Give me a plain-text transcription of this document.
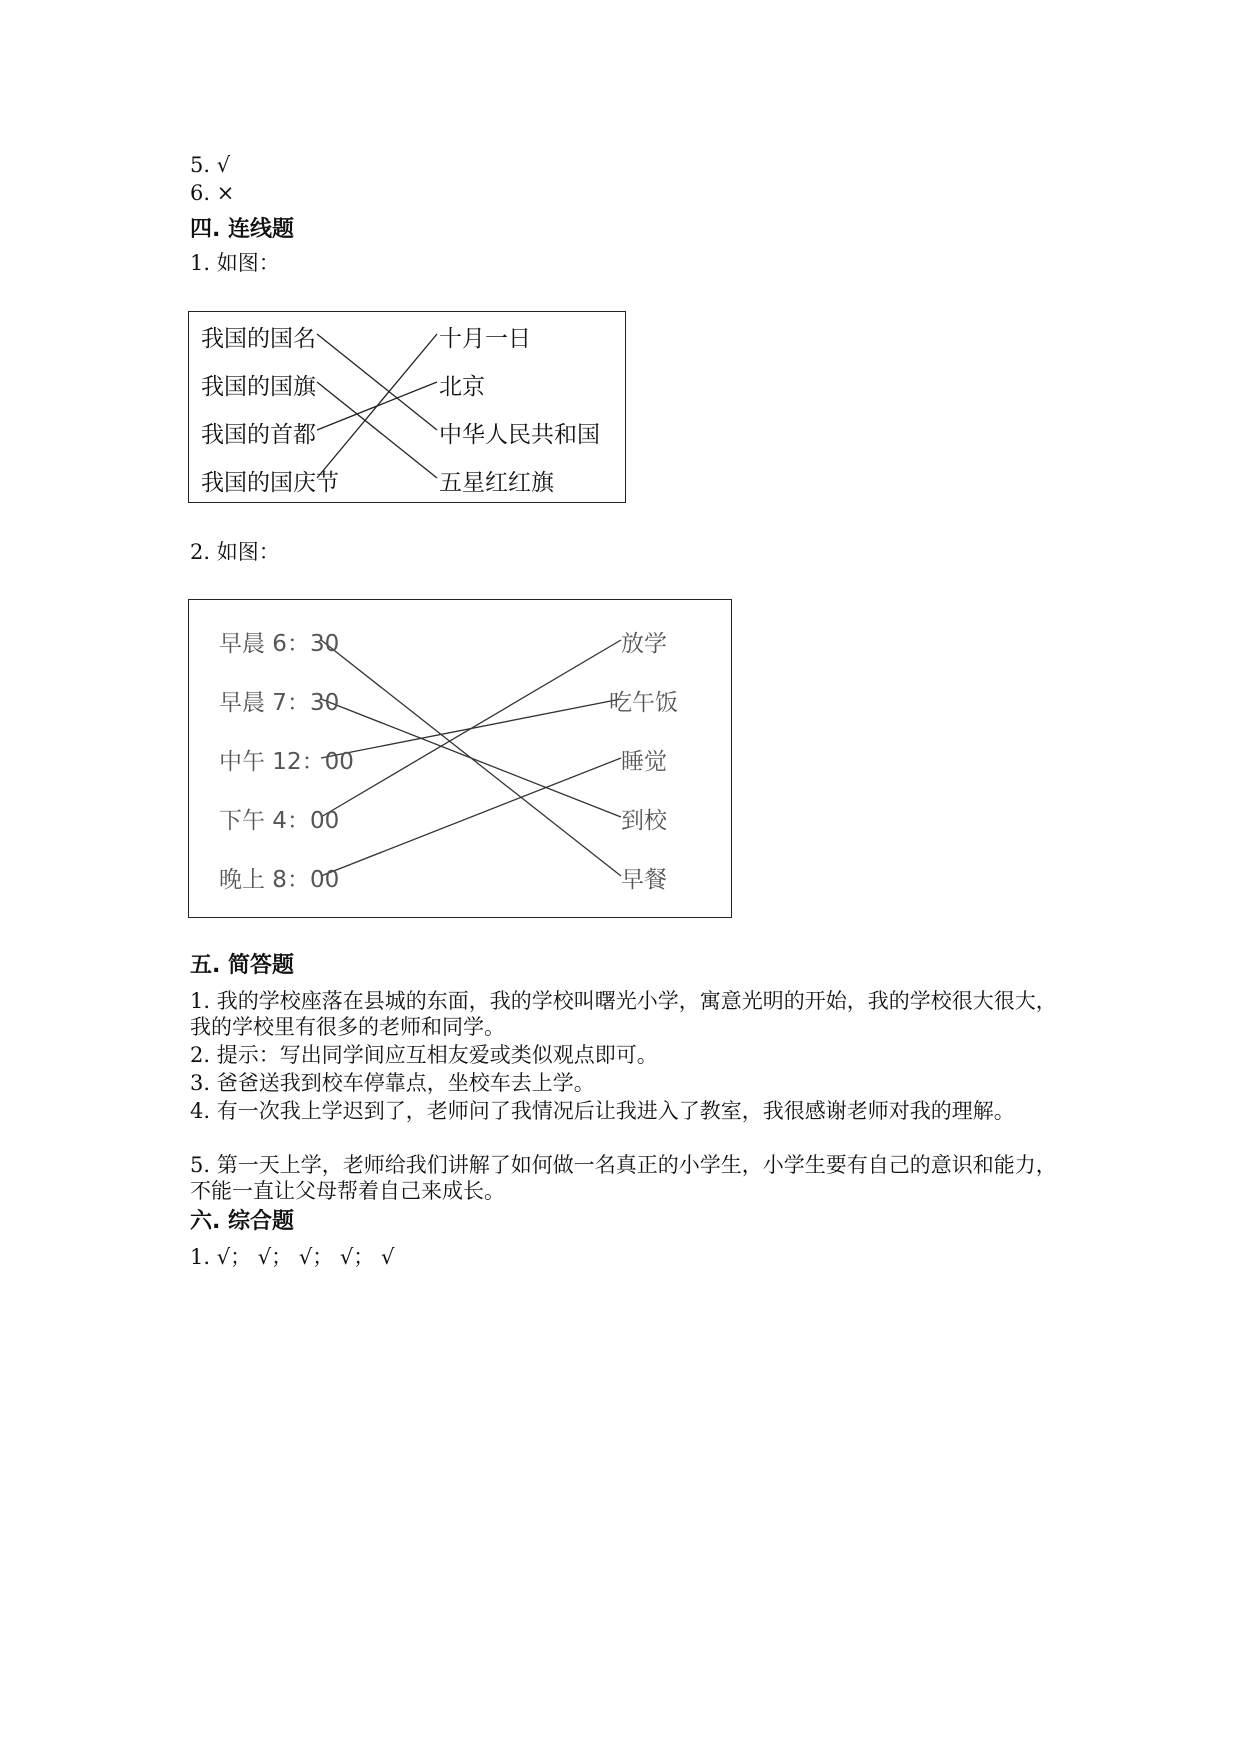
5. √
6. ×
四. 连线题
1. 如图：
我国的国名
我国的国旗
我国的首都
我国的国庆节
十月一日
北京
中华人民共和国
五星红红旗
2. 如图：
早晨 6：30
早晨 7：30
中午 12：00
下午 4：00
晚上 8：00
放学
吃午饭
睡觉
到校
早餐
五. 简答题
1. 我的学校座落在县城的东面，我的学校叫曙光小学，寓意光明的开始，我的学校很大很大，我的学校里有很多的老师和同学。
2. 提示：写出同学间应互相友爱或类似观点即可。
3. 爸爸送我到校车停靠点，坐校车去上学。
4. 有一次我上学迟到了，老师问了我情况后让我进入了教室，我很感谢老师对我的理解。
5. 第一天上学，老师给我们讲解了如何做一名真正的小学生，小学生要有自己的意识和能力，不能一直让父母帮着自己来成长。
六. 综合题
1. √； √； √； √； √
